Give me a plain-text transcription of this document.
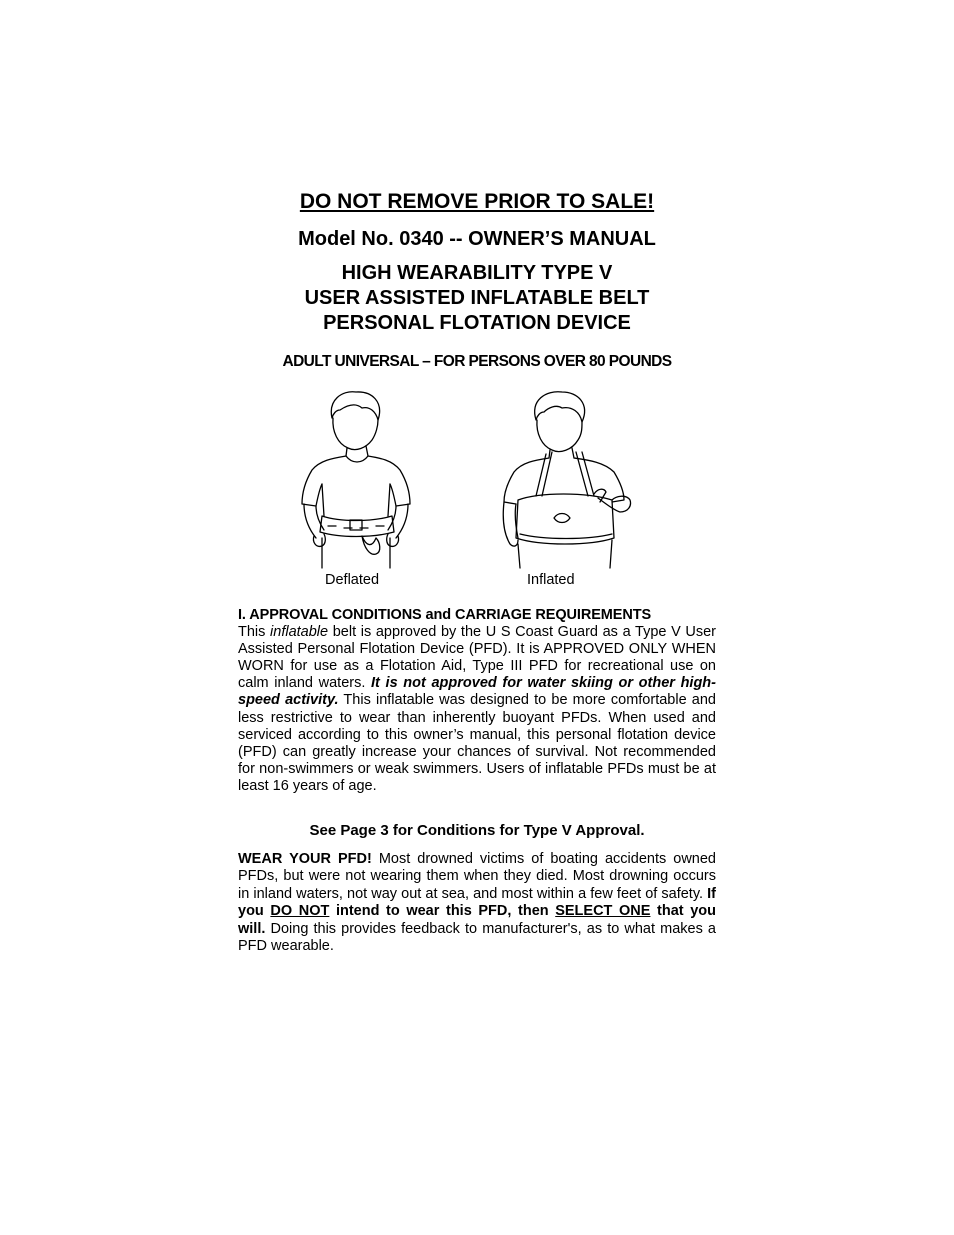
DO NOT REMOVE PRIOR TO SALE!
Model No. 0340 -- OWNER’S MANUAL
HIGH WEARABILITY TYPE V
USER ASSISTED INFLATABLE BELT
PERSONAL FLOTATION DEVICE
ADULT UNIVERSAL – FOR PERSONS OVER 80 POUNDS
Deflated	Inflated
I. APPROVAL CONDITIONS and CARRIAGE REQUIREMENTS
This inflatable belt is approved by the U S Coast Guard as a Type V User Assisted Personal Flotation Device (PFD). It is APPROVED ONLY WHEN WORN for use as a Flotation Aid, Type III PFD for recreational use on calm inland waters. It is not approved for water skiing or other high-speed activity. This inflatable was designed to be more comfortable and less restrictive to wear than inherently buoyant PFDs. When used and serviced according to this owner’s manual, this personal flotation device (PFD) can greatly increase your chances of survival. Not recommended for non-swimmers or weak swimmers. Users of inflatable PFDs must be at least 16 years of age.
See Page 3 for Conditions for Type V Approval.
WEAR YOUR PFD! Most drowned victims of boating accidents owned PFDs, but were not wearing them when they died. Most drowning occurs in inland waters, not way out at sea, and most within a few feet of safety. If you DO NOT intend to wear this PFD, then SELECT ONE that you will. Doing this provides feedback to manufacturer's, as to what makes a PFD wearable.
